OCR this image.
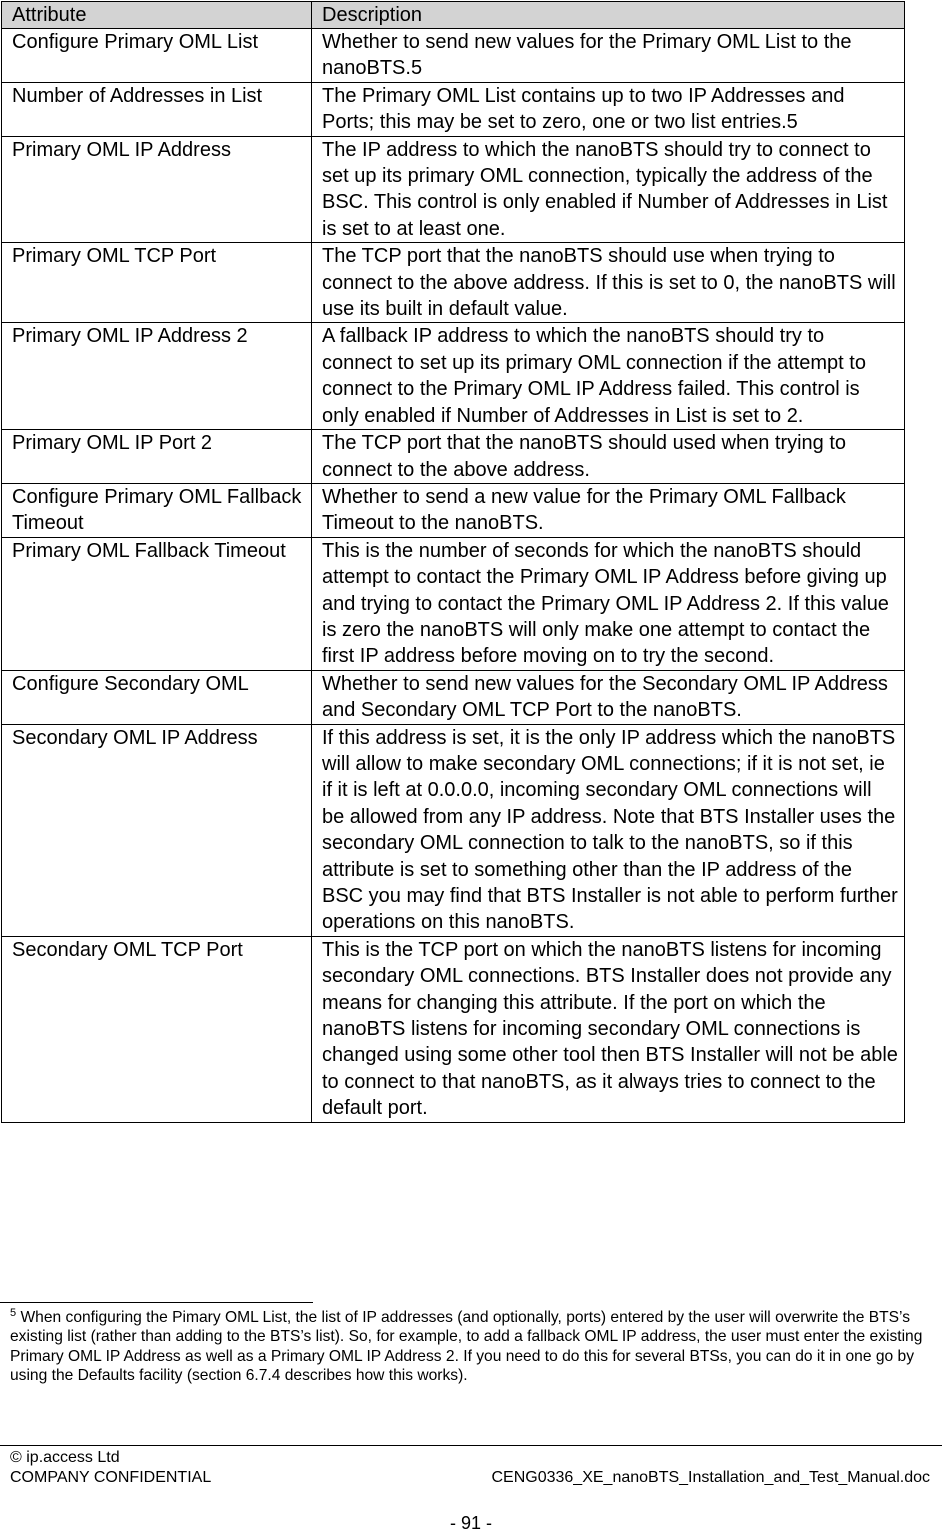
Attribute	Description
Configure Primary OML List	Whether to send new values for the Primary OML List to the nanoBTS.5
Number of Addresses in List	The Primary OML List contains up to two IP Addresses and Ports; this may be set to zero, one or two list entries.5
Primary OML IP Address	The IP address to which the nanoBTS should try to connect to set up its primary OML connection, typically the address of the BSC. This control is only enabled if Number of Addresses in List is set to at least one.
Primary OML TCP Port	The TCP port that the nanoBTS should use when trying to connect to the above address. If this is set to 0, the nanoBTS will use its built in default value.
Primary OML IP Address 2	A fallback IP address to which the nanoBTS should try to connect to set up its primary OML connection if the attempt to connect to the Primary OML IP Address failed. This control is only enabled if Number of Addresses in List is set to 2.
Primary OML IP Port 2	The TCP port that the nanoBTS should used when trying to connect to the above address.
Configure Primary OML Fallback Timeout	Whether to send a new value for the Primary OML Fallback Timeout to the nanoBTS.
Primary OML Fallback Timeout	This is the number of seconds for which the nanoBTS should attempt to contact the Primary OML IP Address before giving up and trying to contact the Primary OML IP Address 2. If this value is zero the nanoBTS will only make one attempt to contact the first IP address before moving on to try the second.
Configure Secondary OML	Whether to send new values for the Secondary OML IP Address and Secondary OML TCP Port to the nanoBTS.
Secondary OML IP Address	If this address is set, it is the only IP address which the nanoBTS will allow to make secondary OML connections; if it is not set, ie if it is left at 0.0.0.0, incoming secondary OML connections will be allowed from any IP address. Note that BTS Installer uses the secondary OML connection to talk to the nanoBTS, so if this attribute is set to something other than the IP address of the BSC you may find that BTS Installer is not able to perform further operations on this nanoBTS.
Secondary OML TCP Port	This is the TCP port on which the nanoBTS listens for incoming secondary OML connections. BTS Installer does not provide any means for changing this attribute. If the port on which the nanoBTS listens for incoming secondary OML connections is changed using some other tool then BTS Installer will not be able to connect to that nanoBTS, as it always tries to connect to the default port.
$^5$ When configuring the Pimary OML List, the list of IP addresses (and optionally, ports) entered by the user will overwrite the BTS’s existing list (rather than adding to the BTS’s list). So, for example, to add a fallback OML IP address, the user must enter the existing Primary OML IP Address as well as a Primary OML IP Address 2. If you need to do this for several BTSs, you can do it in one go by using the Defaults facility (section 6.7.4 describes how this works).
© ip.access Ltd
COMPANY CONFIDENTIAL	CENG0336_XE_nanoBTS_Installation_and_Test_Manual.doc
- 91 -
